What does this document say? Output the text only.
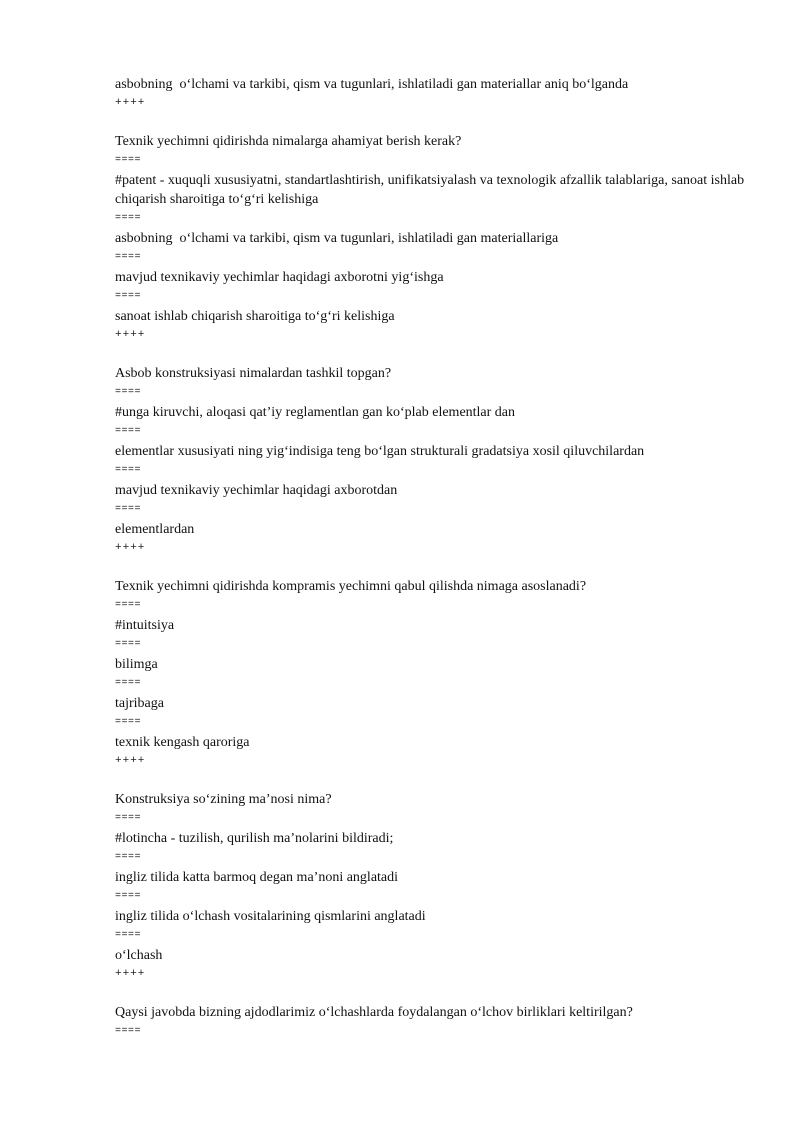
asbobning  o‘lchami va tarkibi, qism va tugunlari, ishlatiladi gan materiallar aniq bo‘lganda
++++
Texnik yechimni qidirishda nimalarga ahamiyat berish kerak?
====
#patent - xuquqli xususiyatni, standartlashtirish, unifikatsiyalash va texnologik afzallik talablariga, sanoat ishlab chiqarish sharoitiga to‘g‘ri kelishiga
====
asbobning  o‘lchami va tarkibi, qism va tugunlari, ishlatiladi gan materiallariga
====
mavjud texnikaviy yechimlar haqidagi axborotni yig‘ishga
====
sanoat ishlab chiqarish sharoitiga to‘g‘ri kelishiga
++++
Asbob konstruksiyasi nimalardan tashkil topgan?
====
#unga kiruvchi, aloqasi qat’iy reglamentlan gan ko‘plab elementlar dan
====
elementlar xususiyati ning yig‘indisiga teng bo‘lgan strukturali gradatsiya xosil qiluvchilardan
====
mavjud texnikaviy yechimlar haqidagi axborotdan
====
elementlardan
++++
Texnik yechimni qidirishda kompramis yechimni qabul qilishda nimaga asoslanadi?
====
#intuitsiya
====
bilimga
====
tajribaga
====
texnik kengash qaroriga
++++
Konstruksiya so‘zining ma’nosi nima?
====
#lotincha - tuzilish, qurilish ma’nolarini bildiradi;
====
ingliz tilida katta barmoq degan ma’noni anglatadi
====
ingliz tilida o‘lchash vositalarining qismlarini anglatadi
====
o‘lchash
++++
Qaysi javobda bizning ajdodlarimiz o‘lchashlarda foydalangan o‘lchov birliklari keltirilgan?
====
